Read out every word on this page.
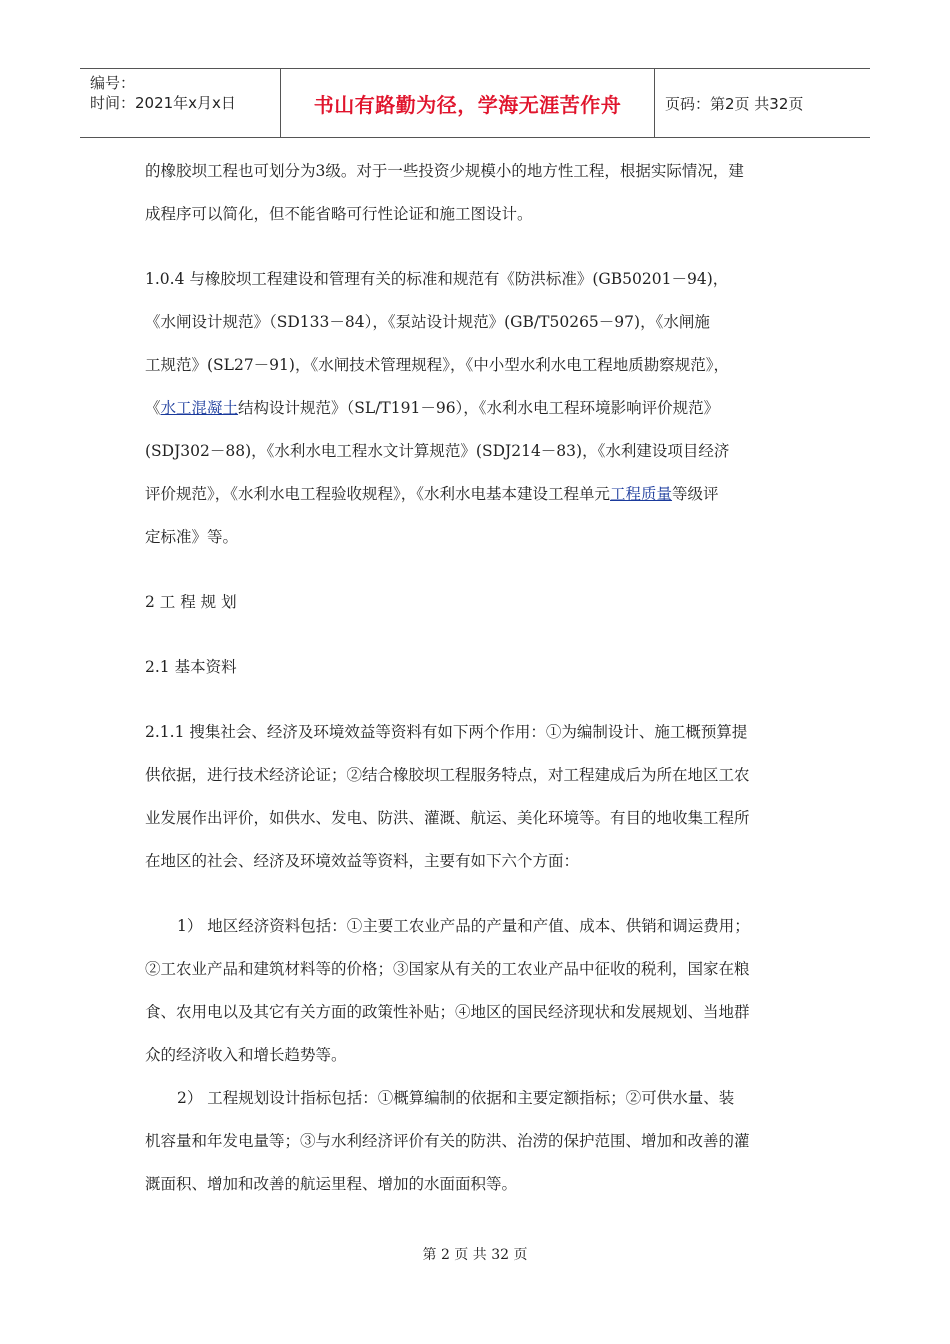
编号：
时间：2021年x月x日	书山有路勤为径，学海无涯苦作舟	页码：第2页 共32页

的橡胶坝工程也可划分为3级。对于一些投资少规模小的地方性工程，根据实际情况，建

成程序可以简化，但不能省略可行性论证和施工图设计。

1.0.4 与橡胶坝工程建设和管理有关的标准和规范有《防洪标准》(GB50201－94)，

《水闸设计规范》（SD133－84），《泵站设计规范》(GB/T50265－97)，《水闸施

工规范》(SL27－91)，《水闸技术管理规程》，《中小型水利水电工程地质勘察规范》，

《水工混凝土结构设计规范》（SL/T191－96），《水利水电工程环境影响评价规范》

(SDJ302－88)，《水利水电工程水文计算规范》(SDJ214－83)，《水利建设项目经济

评价规范》，《水利水电工程验收规程》，《水利水电基本建设工程单元工程质量等级评

定标准》等。

2 工 程 规 划

2.1 基本资料

2.1.1 搜集社会、经济及环境效益等资料有如下两个作用：①为编制设计、施工概预算提

供依据，进行技术经济论证；②结合橡胶坝工程服务特点，对工程建成后为所在地区工农

业发展作出评价，如供水、发电、防洪、灌溉、航运、美化环境等。有目的地收集工程所

在地区的社会、经济及环境效益等资料，主要有如下六个方面：

1） 地区经济资料包括：①主要工农业产品的产量和产值、成本、供销和调运费用；

②工农业产品和建筑材料等的价格；③国家从有关的工农业产品中征收的税利，国家在粮

食、农用电以及其它有关方面的政策性补贴；④地区的国民经济现状和发展规划、当地群

众的经济收入和增长趋势等。

2） 工程规划设计指标包括：①概算编制的依据和主要定额指标；②可供水量、装

机容量和年发电量等；③与水利经济评价有关的防洪、治涝的保护范围、增加和改善的灌

溉面积、增加和改善的航运里程、增加的水面面积等。

第 2 页 共 32 页
